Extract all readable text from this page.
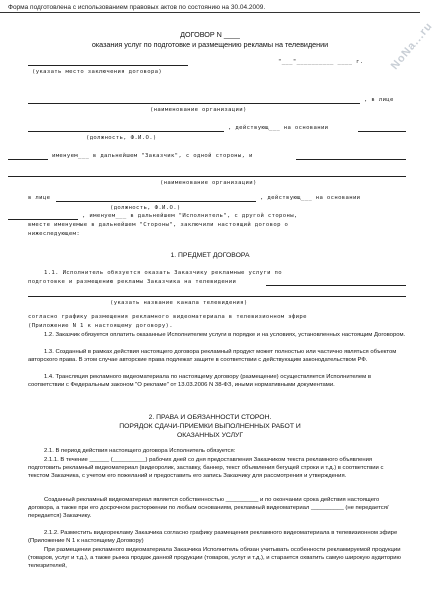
NoNa...ru
Форма подготовлена с использованием правовых актов по состоянию на 30.04.2009.
ДОГОВОР N ____
оказания услуг по подготовке и размещению рекламы на телевидении
"___"__________ ____ г.
(указать место заключения договора)
, в лице
(наименование организации)
, действующ___ на основании
(должность, Ф.И.О.)
именуем___ в дальнейшем "Заказчик", с одной стороны, и
(наименование организации)
в лице	, действующ___ на основании
(должность, Ф.И.О.)
, именуем___ в дальнейшем "Исполнитель", с другой стороны,
вместе именуемые в дальнейшем "Стороны", заключили настоящий договор о
нижеследующем:
1. ПРЕДМЕТ ДОГОВОРА
1.1. Исполнитель обязуется оказать Заказчику рекламные услуги по
подготовке и размещению рекламы Заказчика на телевидении
(указать название канала телевидения)
согласно графику размещения рекламного видеоматериала в телевизионном эфире
(Приложение N 1 к настоящему договору).
1.2. Заказчик обязуется оплатить оказанные Исполнителем услуги в порядке и на условиях, установленных настоящим Договором.
1.3. Созданный в рамках действия настоящего договора рекламный продукт может полностью или частично являться объектом авторского права. В этом случае авторские права подлежат защите в соответствии с действующим законодательством РФ.
1.4. Трансляция рекламного видеоматериала по настоящему договору (размещение) осуществляется Исполнителем в соответствии с Федеральным законом "О рекламе" от 13.03.2006 N 38-ФЗ, иными нормативными документами.
2. ПРАВА И ОБЯЗАННОСТИ СТОРОН.
ПОРЯДОК СДАЧИ-ПРИЕМКИ ВЫПОЛНЕННЫХ РАБОТ И
ОКАЗАННЫХ УСЛУГ
2.1. В период действия настоящего договора Исполнитель обязуется:
2.1.1. В течение ______ (__________) рабочих дней со дня предоставления Заказчиком текста рекламного объявления подготовить рекламный видеоматериал (видеоролик, заставку, баннер, текст объявления бегущей строки и т.д.) в соответствии с текстом Заказчика, с учетом его пожеланий и предоставить его запись Заказчику для рассмотрения и утверждения.
Созданный рекламный видеоматериал является собственностью __________ и по окончании срока действия настоящего договора, а также при его досрочном расторжении по любым основаниям, рекламный видеоматериал __________ (не передается/передается) Заказчику.
2.1.2. Разместить видеорекламу Заказчика согласно графику размещения рекламного видеоматериала в телевизионном эфире (Приложение N 1 к настоящему Договору)
При размещении рекламного видеоматериала Заказчика Исполнитель обязан учитывать особенности рекламируемой продукции (товаров, услуг и т.д.), а также рынка продаж данной продукции (товаров, услуг и т.д.), и старается охватить самую широкую аудиторию телезрителей,
